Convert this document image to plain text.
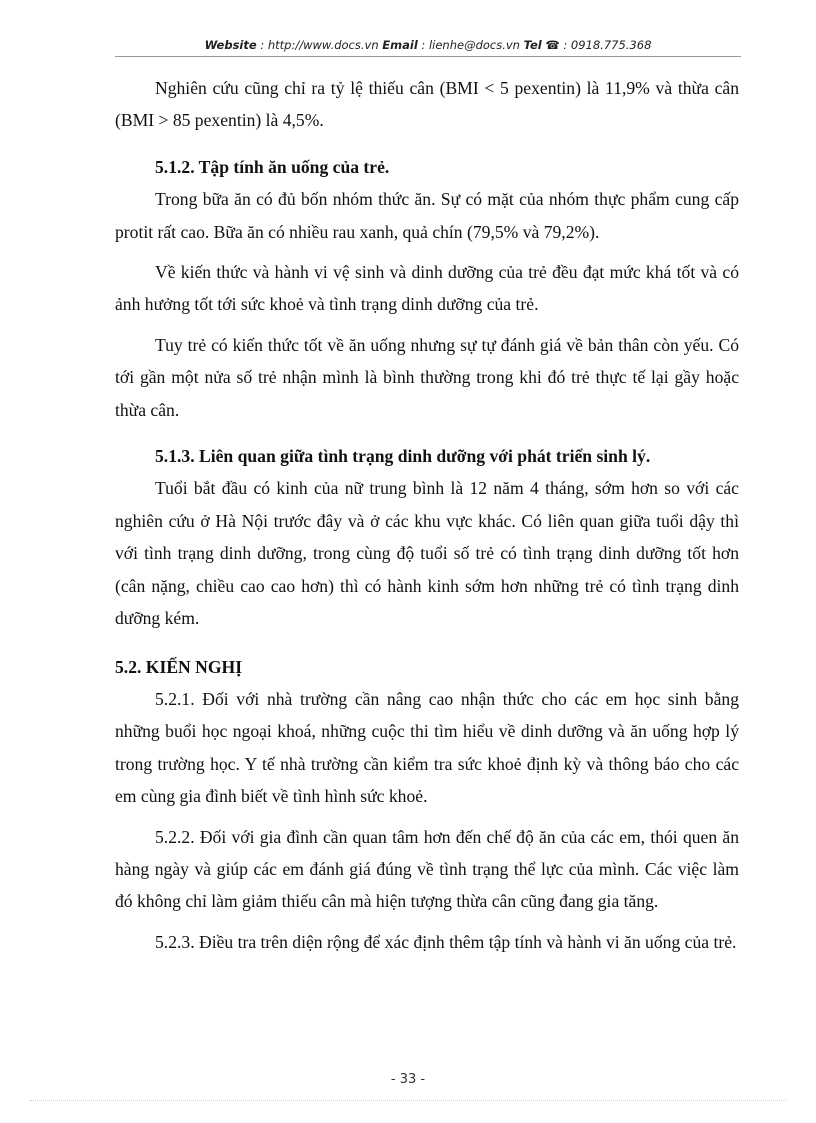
Website : http://www.docs.vn Email : lienhe@docs.vn Tel ☎ : 0918.775.368

Nghiên cứu cũng chỉ ra tỷ lệ thiếu cân (BMI < 5 pexentin) là 11,9% và thừa cân (BMI > 85 pexentin) là 4,5%.

5.1.2. Tập tính ăn uống của trẻ.

Trong bữa ăn có đủ bốn nhóm thức ăn. Sự có mặt của nhóm thực phẩm cung cấp protit rất cao. Bữa ăn có nhiều rau xanh, quả chín (79,5% và 79,2%).

Về kiến thức và hành vi vệ sinh và dinh dưỡng của trẻ đều đạt mức khá tốt và có ảnh hưởng tốt tới sức khoẻ và tình trạng dinh dưỡng của trẻ.

Tuy trẻ có kiến thức tốt về ăn uống nhưng sự tự đánh giá về bản thân còn yếu. Có tới gần một nửa số trẻ nhận mình là bình thường trong khi đó trẻ thực tế lại gầy hoặc thừa cân.

5.1.3. Liên quan giữa tình trạng dinh dưỡng với phát triển sinh lý.

Tuổi bắt đầu có kinh của nữ trung bình là 12 năm 4 tháng, sớm hơn so với các nghiên cứu ở Hà Nội trước đây và ở các khu vực khác. Có liên quan giữa tuổi dậy thì với tình trạng dinh dưỡng, trong cùng độ tuổi số trẻ có tình trạng dinh dưỡng tốt hơn (cân nặng, chiều cao cao hơn) thì có hành kinh sớm hơn những trẻ có tình trạng dinh dưỡng kém.

5.2. KIẾN NGHỊ

5.2.1. Đối với nhà trường cần nâng cao nhận thức cho các em học sinh bằng những buổi học ngoại khoá, những cuộc thi tìm hiểu về dinh dưỡng và ăn uống hợp lý trong trường học. Y tế nhà trường cần kiểm tra sức khoẻ định kỳ và thông báo cho các em cùng gia đình biết về tình hình sức khoẻ.

5.2.2. Đối với gia đình cần quan tâm hơn đến chế độ ăn của các em, thói quen ăn hàng ngày và giúp các em đánh giá đúng về tình trạng thể lực của mình. Các việc làm đó không chỉ làm giảm thiếu cân mà hiện tượng thừa cân cũng đang gia tăng.

5.2.3. Điều tra trên diện rộng để xác định thêm tập tính và hành vi ăn uống của trẻ.

- 33 -
